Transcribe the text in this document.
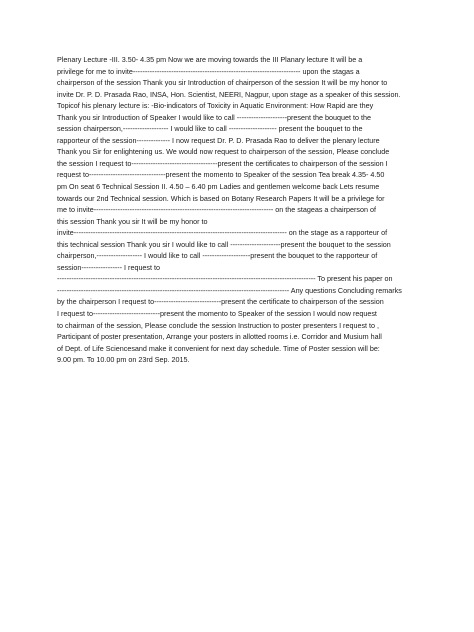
Plenary Lecture -III. 3.50- 4.35 pm Now we are moving towards the III Planary lecture It will be a
privilege for me to invite---------------------------------------------------------------------- upon the stagas a
chairperson of the session Thank you sir Introduction of chairperson of the session It will be my honor to
invite Dr. P. D. Prasada Rao, INSA, Hon. Scientist, NEERI, Nagpur, upon stage as a speaker of this session.
Topicof his plenary lecture is: -Bio-indicators of Toxicity in Aquatic Environment: How Rapid are they
Thank you sir Introduction of Speaker I would like to call ---------------------present the bouquet to the
session chairperson,------------------- I would like to call -------------------- present the bouquet to the
rapporteur of the session-------------- I now request Dr. P. D. Prasada Rao to deliver the plenary lecture
Thank you Sir for enlightening us. We would now request to chairperson of the session, Please conclude
the session I request to------------------------------------present the certificates to chairperson of the session I
request to--------------------------------present the momento to Speaker of the session Tea break 4.35- 4.50
pm On seat 6 Technical Session II. 4.50 – 6.40 pm Ladies and gentlemen welcome back Lets resume
towards our 2nd Technical session. Which is based on Botany Research Papers It will be a privilege for
me to invite--------------------------------------------------------------------------- on the stageas a chairperson of
this session Thank you sir It will be my honor to
invite----------------------------------------------------------------------------------------- on the stage as a rapporteur of
this technical session Thank you sir I would like to call ---------------------present the bouquet to the session
chairperson,------------------- I would like to call --------------------present the bouquet to the rapporteur of
session----------------- I request to
------------------------------------------------------------------------------------------------------------ To present his paper on
------------------------------------------------------------------------------------------------- Any questions Concluding remarks
by the chairperson I request to----------------------------present the certificate to chairperson of the session
I request to----------------------------present the momento to Speaker of the session I would now request
to chairman of the session, Please conclude the session Instruction to poster presenters I request to ,
Participant of poster presentation, Arrange your posters in allotted rooms i.e. Corridor and Musium hall
of Dept. of Life Sciencesand make it convenient for next day schedule. Time of Poster session will be:
9.00 pm. To 10.00 pm on 23rd Sep. 2015.
